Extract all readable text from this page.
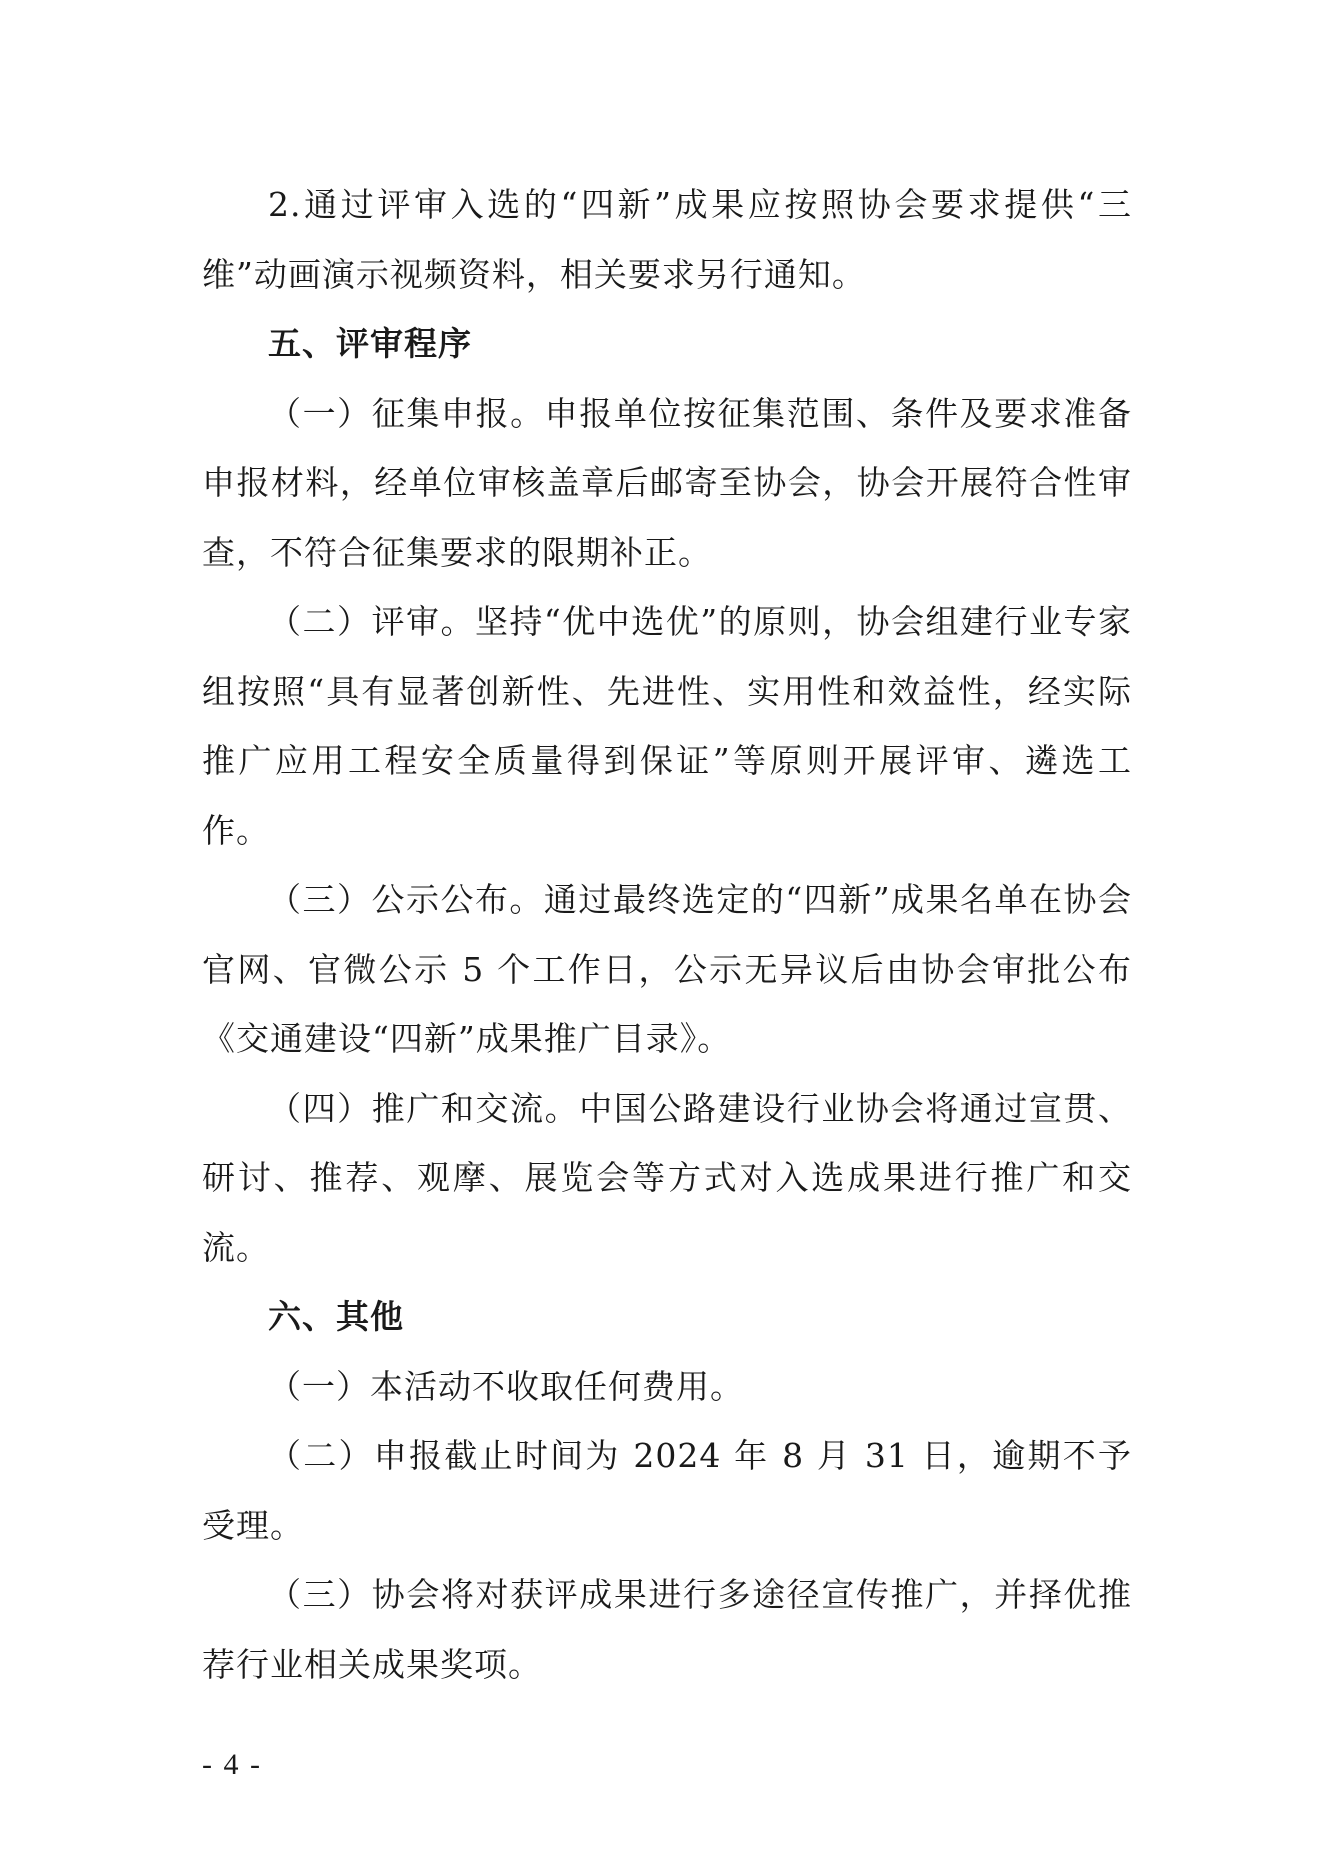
2.通过评审入选的“四新”成果应按照协会要求提供“三维”动画演示视频资料，相关要求另行通知。

五、评审程序

（一）征集申报。申报单位按征集范围、条件及要求准备申报材料，经单位审核盖章后邮寄至协会，协会开展符合性审查，不符合征集要求的限期补正。

（二）评审。坚持“优中选优”的原则，协会组建行业专家组按照“具有显著创新性、先进性、实用性和效益性，经实际推广应用工程安全质量得到保证”等原则开展评审、遴选工作。

（三）公示公布。通过最终选定的“四新”成果名单在协会官网、官微公示 5 个工作日，公示无异议后由协会审批公布《交通建设“四新”成果推广目录》。

（四）推广和交流。中国公路建设行业协会将通过宣贯、研讨、推荐、观摩、展览会等方式对入选成果进行推广和交流。

六、其他

（一）本活动不收取任何费用。

（二）申报截止时间为 2024 年 8 月 31 日，逾期不予受理。

（三）协会将对获评成果进行多途径宣传推广，并择优推荐行业相关成果奖项。

- 4 -
